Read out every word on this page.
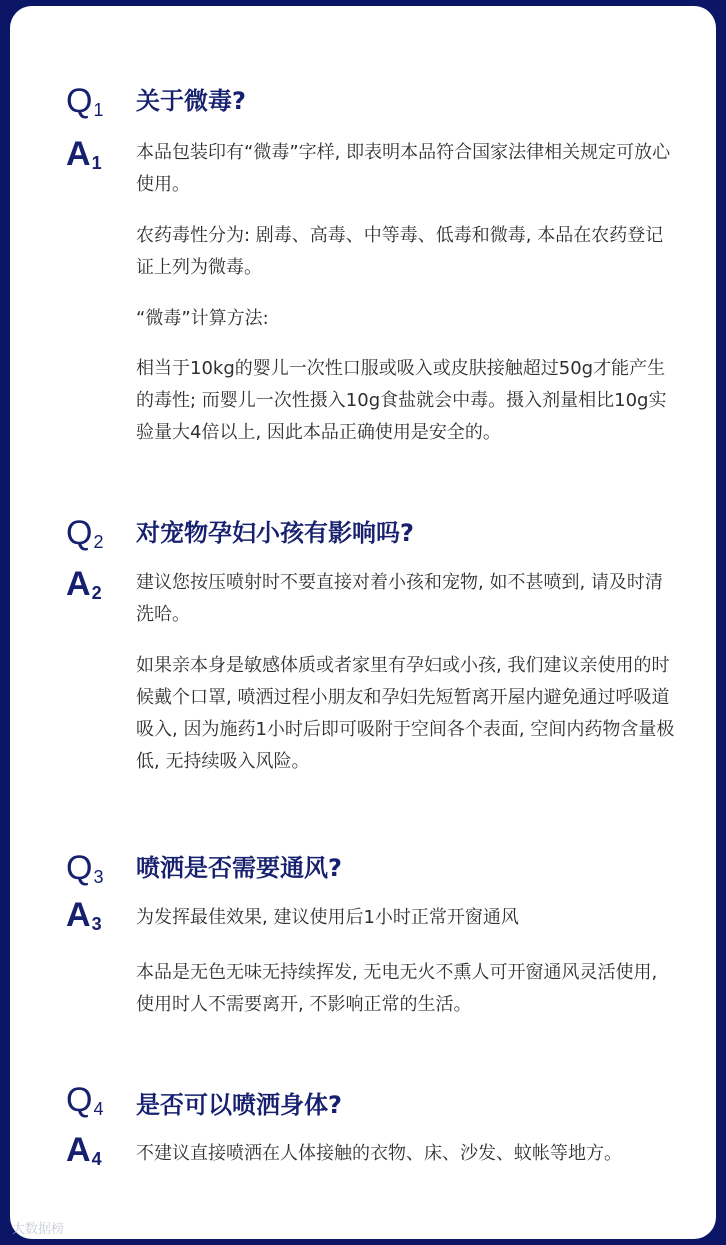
$Q_1$ 关于微毒?
$A_1$ 本品包装印有“微毒”字样, 即表明本品符合国家法律相关规定可放心使用。

农药毒性分为: 剧毒、高毒、中等毒、低毒和微毒, 本品在农药登记证上列为微毒。

“微毒”计算方法:

相当于10kg的婴儿一次性口服或吸入或皮肤接触超过50g才能产生的毒性; 而婴儿一次性摄入10g食盐就会中毒。摄入剂量相比10g实验量大4倍以上, 因此本品正确使用是安全的。

$Q_2$ 对宠物孕妇小孩有影响吗?
$A_2$ 建议您按压喷射时不要直接对着小孩和宠物, 如不甚喷到, 请及时清洗哈。

如果亲本身是敏感体质或者家里有孕妇或小孩, 我们建议亲使用的时候戴个口罩, 喷洒过程小朋友和孕妇先短暂离开屋内避免通过呼吸道吸入, 因为施药1小时后即可吸附于空间各个表面, 空间内药物含量极低, 无持续吸入风险。

$Q_3$ 喷洒是否需要通风?
$A_3$ 为发挥最佳效果, 建议使用后1小时正常开窗通风

本品是无色无味无持续挥发, 无电无火不熏人可开窗通风灵活使用, 使用时人不需要离开, 不影响正常的生活。

$Q_4$ 是否可以喷洒身体?
$A_4$ 不建议直接喷洒在人体接触的衣物、床、沙发、蚊帐等地方。

大数据榜
